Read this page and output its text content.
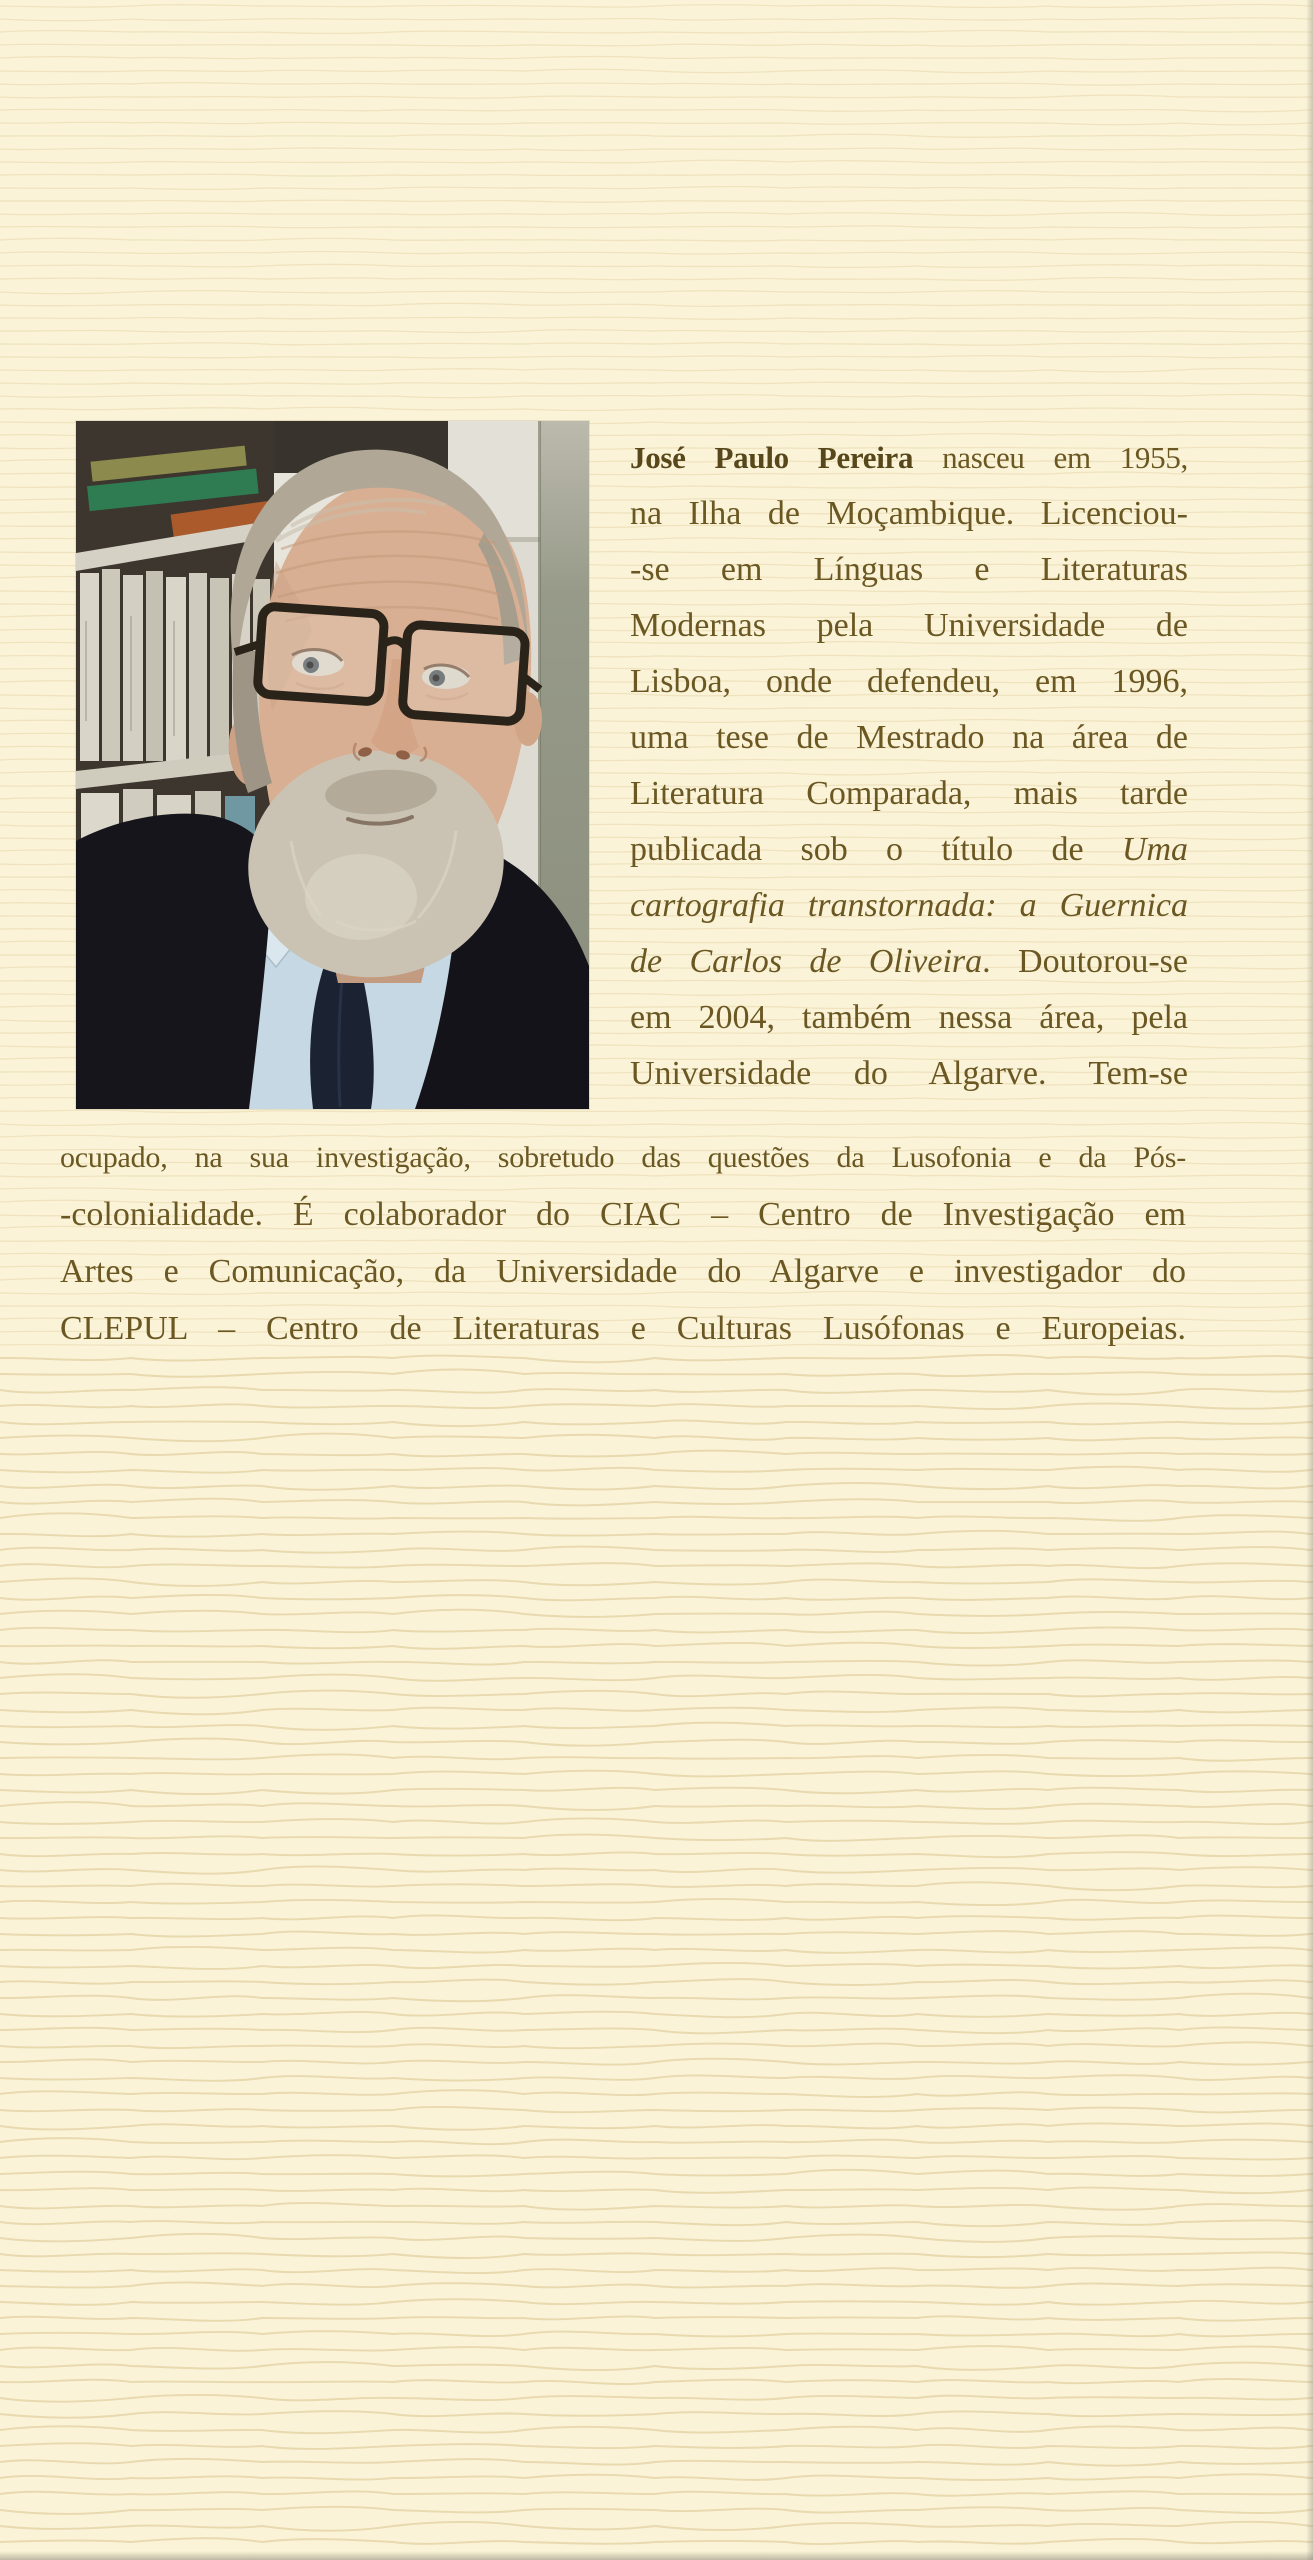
José Paulo Pereira nasceu em 1955,
na Ilha de Moçambique. Licenciou-
-se em Línguas e Literaturas
Modernas pela Universidade de
Lisboa, onde defendeu, em 1996,
uma tese de Mestrado na área de
Literatura Comparada, mais tarde
publicada sob o título de Uma
cartografia transtornada: a Guernica
de Carlos de Oliveira. Doutorou-se
em 2004, também nessa área, pela
Universidade do Algarve. Tem-se
ocupado, na sua investigação, sobretudo das questões da Lusofonia e da Pós-
-colonialidade. É colaborador do CIAC – Centro de Investigação em
Artes e Comunicação, da Universidade do Algarve e investigador do
CLEPUL – Centro de Literaturas e Culturas Lusófonas e Europeias.
